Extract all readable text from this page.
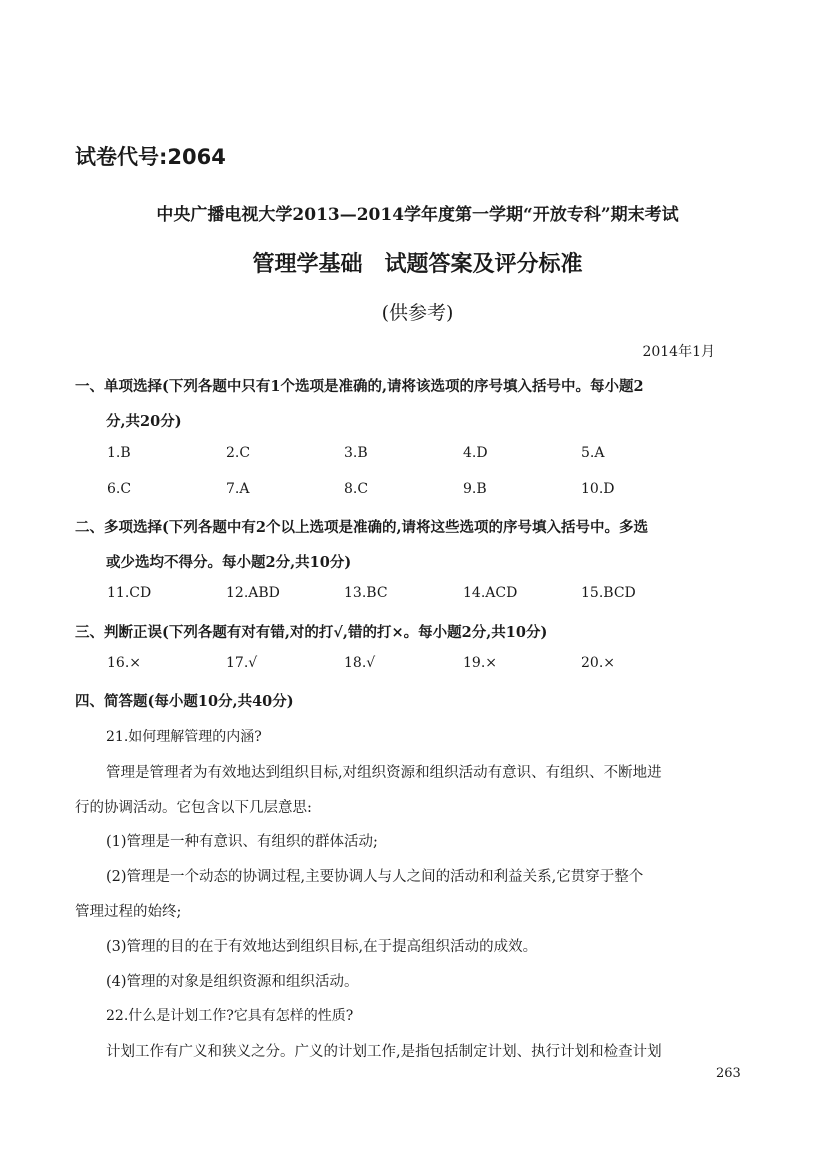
试卷代号:2064
中央广播电视大学2013—2014学年度第一学期“开放专科”期末考试
管理学基础　试题答案及评分标准
(供参考)
2014年1月
一、单项选择(下列各题中只有1个选项是准确的,请将该选项的序号填入括号中。每小题2
分,共20分)
1.B	2.C	3.B	4.D	5.A
6.C	7.A	8.C	9.B	10.D
二、多项选择(下列各题中有2个以上选项是准确的,请将这些选项的序号填入括号中。多选
或少选均不得分。每小题2分,共10分)
11.CD	12.ABD	13.BC	14.ACD	15.BCD
三、判断正误(下列各题有对有错,对的打√,错的打×。每小题2分,共10分)
16.×	17.√	18.√	19.×	20.×
四、简答题(每小题10分,共40分)
21.如何理解管理的内涵?
管理是管理者为有效地达到组织目标,对组织资源和组织活动有意识、有组织、不断地进
行的协调活动。它包含以下几层意思:
(1)管理是一种有意识、有组织的群体活动;
(2)管理是一个动态的协调过程,主要协调人与人之间的活动和利益关系,它贯穿于整个
管理过程的始终;
(3)管理的目的在于有效地达到组织目标,在于提高组织活动的成效。
(4)管理的对象是组织资源和组织活动。
22.什么是计划工作?它具有怎样的性质?
计划工作有广义和狭义之分。广义的计划工作,是指包括制定计划、执行计划和检查计划
263
